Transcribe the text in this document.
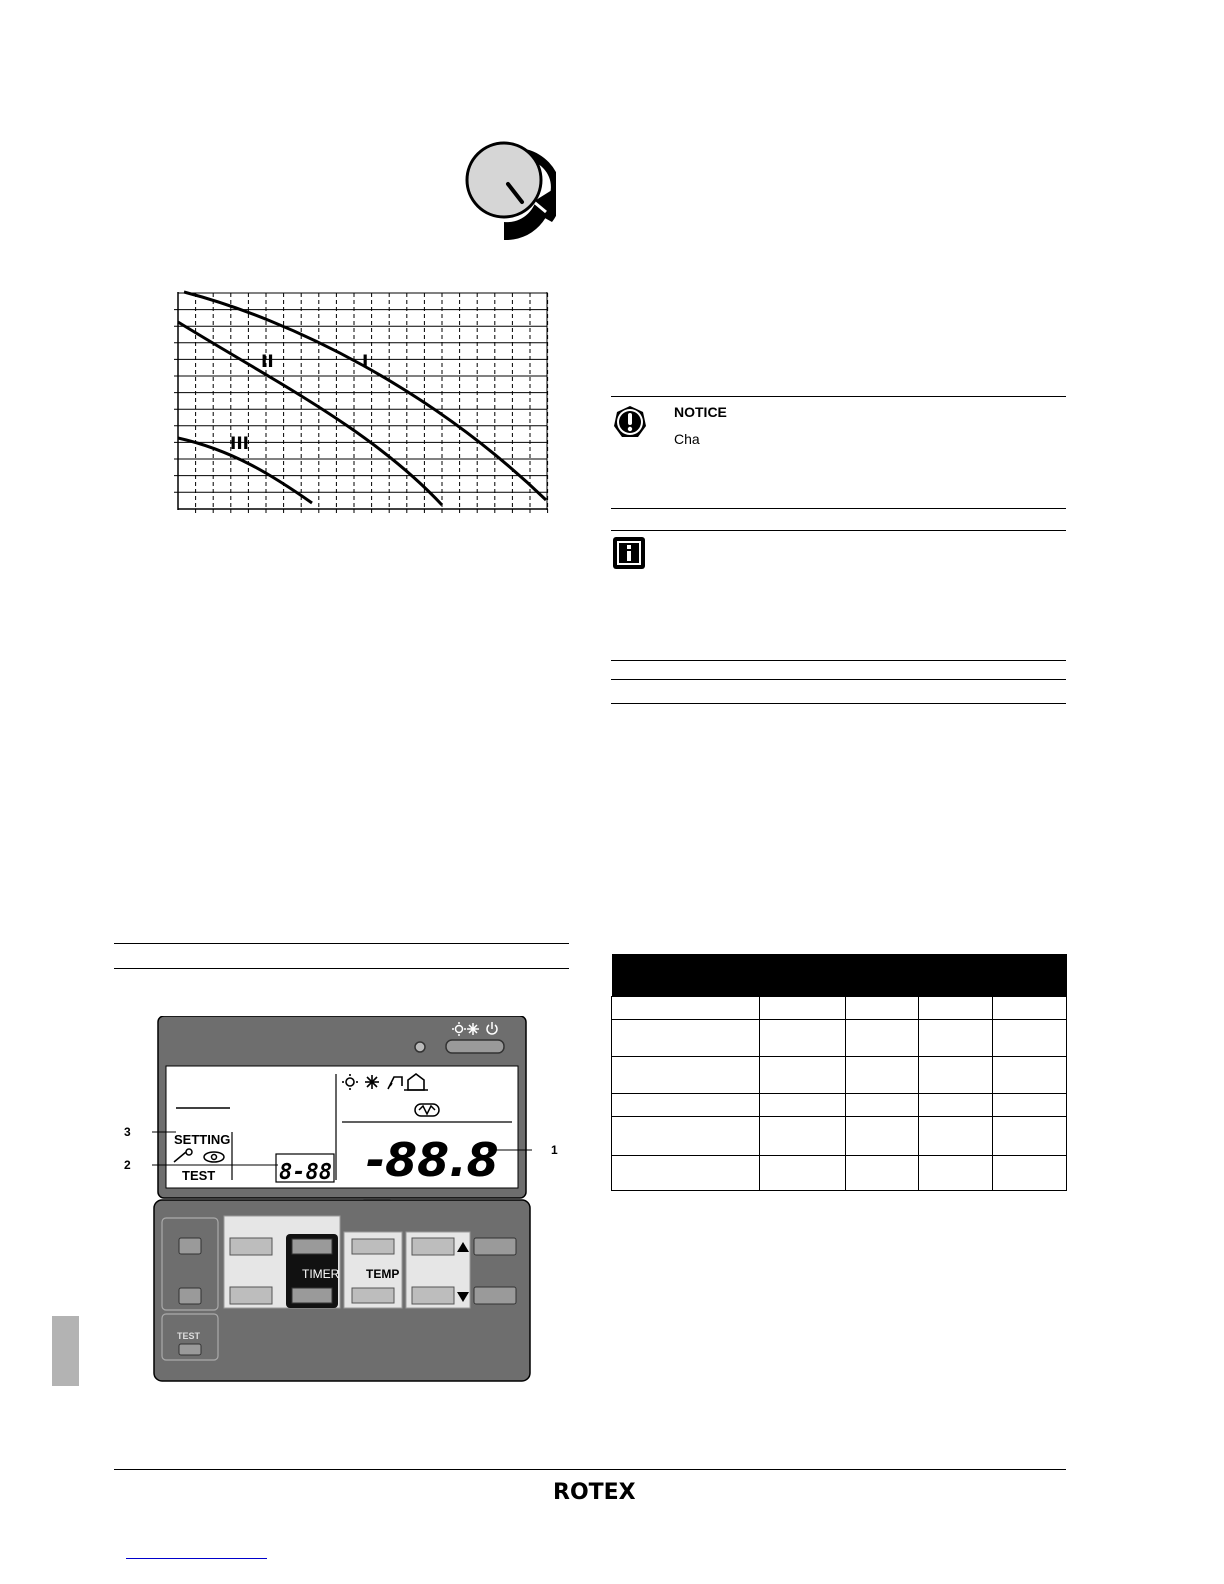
II	I
III
NOTICE
Cha

SETTING
TEST	8-88 -88.8
TEST
TIMER TEMP
3
2
1
ROTEX
